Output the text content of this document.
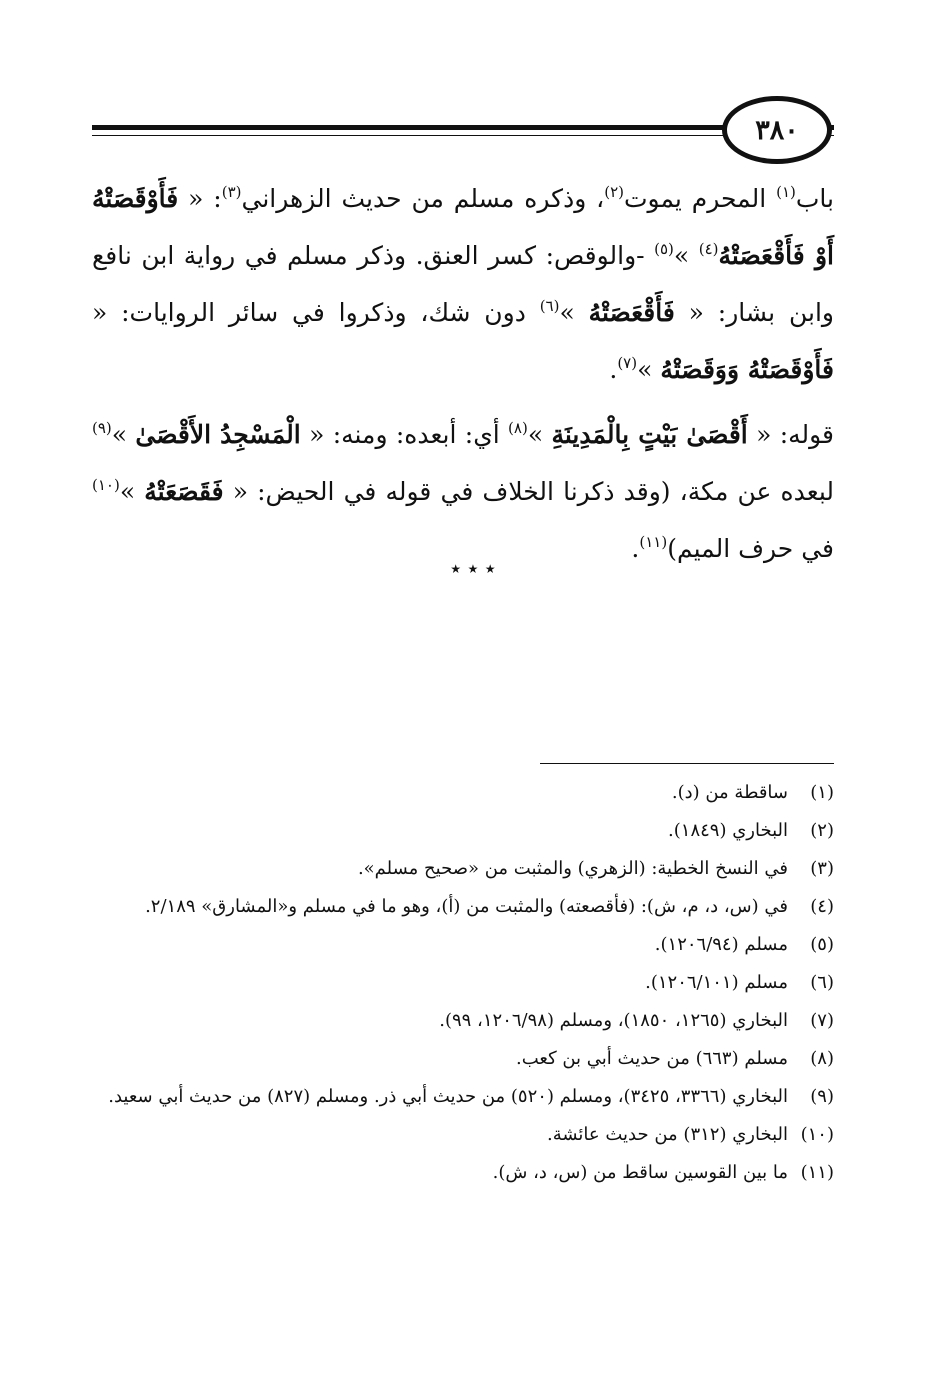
٣٨٠

باب$^{(١)}$ المحرم يموت$^{(٢)}$، وذكره مسلم من حديث الزهراني$^{(٣)}$: « فَأَوْقَصَتْهُ أَوْ فَأَقْعَصَتْهُ$^{(٤)}$ »$^{(٥)}$ -والوقص: كسر العنق. وذكر مسلم في رواية ابن نافع وابن بشار: « فَأَقْعَصَتْهُ »$^{(٦)}$ دون شك، وذكروا في سائر الروايات: « فَأَوْقَصَتْهُ وَوَقَصَتْهُ »$^{(٧)}$.

قوله: « أَقْصَىٰ بَيْتٍ بِالْمَدِينَةِ »$^{(٨)}$ أي: أبعده: ومنه: « الْمَسْجِدُ الأَقْصَىٰ »$^{(٩)}$ لبعده عن مكة، (وقد ذكرنا الخلاف في قوله في الحيض: « فَقَصَعَتْهُ »$^{(١٠)}$ في حرف الميم)$^{(١١)}$.

٭ ٭ ٭
(١)
ساقطة من (د).
(٢)
البخاري (١٨٤٩).
(٣)
في النسخ الخطية: (الزهري) والمثبت من «صحيح مسلم».
(٤)
في (س، د، م، ش): (فأقصعته) والمثبت من (أ)، وهو ما في مسلم و«المشارق» ٢/١٨٩.
(٥)
مسلم (١٢٠٦/٩٤).
(٦)
مسلم (١٢٠٦/١٠١).
(٧)
البخاري (١٢٦٥، ١٨٥٠)، ومسلم (١٢٠٦/٩٨، ٩٩).
(٨)
مسلم (٦٦٣) من حديث أبي بن كعب.
(٩)
البخاري (٣٣٦٦، ٣٤٢٥)، ومسلم (٥٢٠) من حديث أبي ذر. ومسلم (٨٢٧) من حديث أبي سعيد.
(١٠)
البخاري (٣١٢) من حديث عائشة.
(١١)
ما بين القوسين ساقط من (س، د، ش).
